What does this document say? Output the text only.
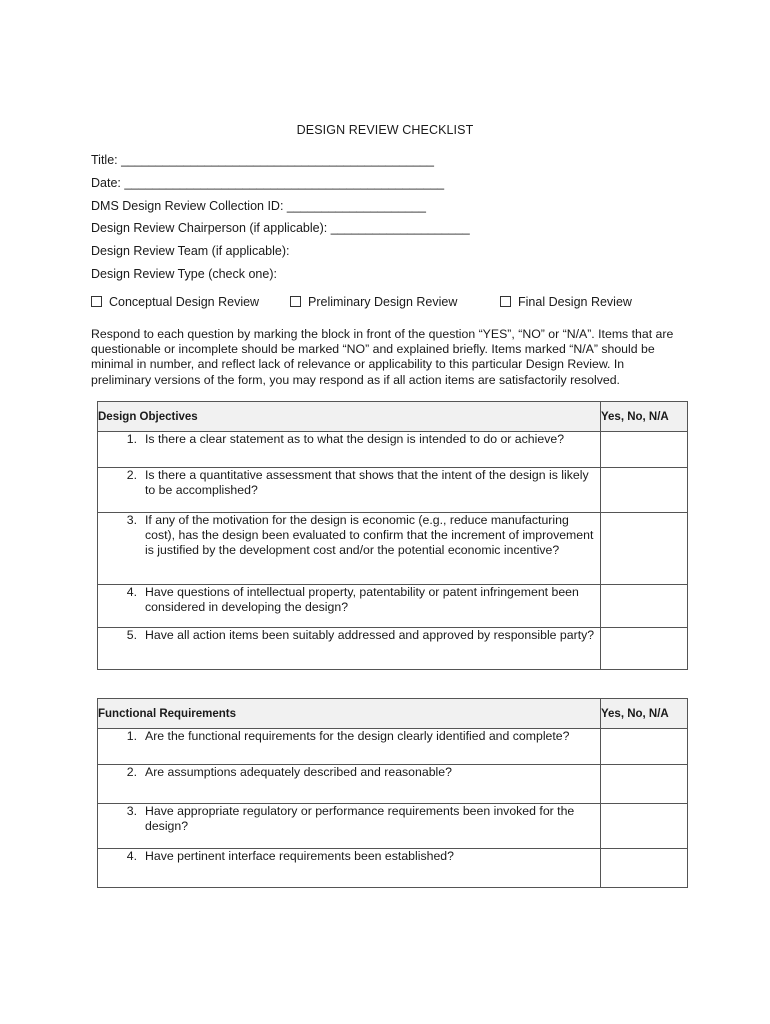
DESIGN REVIEW CHECKLIST
Title: _____________________________________________
Date: ______________________________________________
DMS Design Review Collection ID: ____________________
Design Review Chairperson (if applicable): ____________________
Design Review Team (if applicable):
Design Review Type (check one):
Conceptual Design Review	Preliminary Design Review	Final Design Review
Respond to each question by marking the block in front of the question “YES”, “NO” or “N/A”. Items that are questionable or incomplete should be marked “NO” and explained briefly. Items marked “N/A” should be minimal in number, and reflect lack of relevance or applicability to this particular Design Review. In preliminary versions of the form, you may respond as if all action items are satisfactorily resolved.
Design Objectives	Yes, No, N/A

1. Is there a clear statement as to what the design is intended to do or achieve?	

2. Is there a quantitative assessment that shows that the intent of the design is likely to be accomplished?	

3. If any of the motivation for the design is economic (e.g., reduce manufacturing cost), has the design been evaluated to confirm that the increment of improvement is justified by the development cost and/or the potential economic incentive?	

4. Have questions of intellectual property, patentability or patent infringement been considered in developing the design?	

5. Have all action items been suitably addressed and approved by responsible party?	

Functional Requirements	Yes, No, N/A

1. Are the functional requirements for the design clearly identified and complete?	

2. Are assumptions adequately described and reasonable?	

3. Have appropriate regulatory or performance requirements been invoked for the design?	

4. Have pertinent interface requirements been established?	
